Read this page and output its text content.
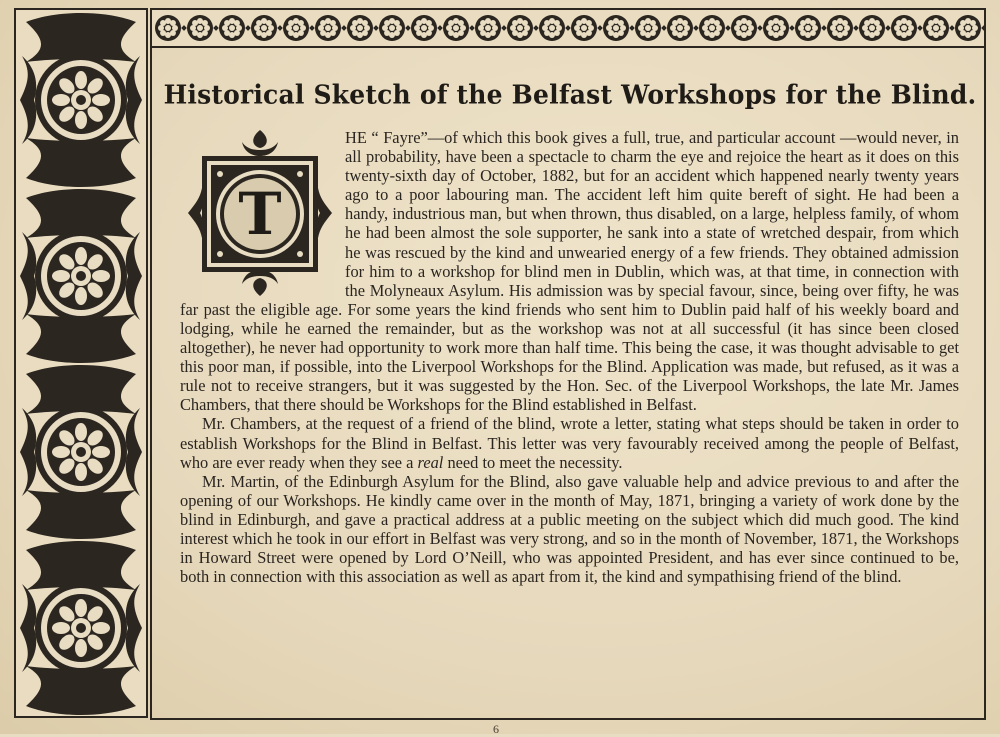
Historical Sketch of the Belfast Workshops for the Blind.
T

HE “ Fayre”—of which this book gives a full, true, and particular account —would never, in all probability, have been a spectacle to charm the eye and rejoice the heart as it does on this twenty-sixth day of October, 1882, but for an accident which happened nearly twenty years ago to a poor labouring man. The accident left him quite bereft of sight. He had been a handy, industrious man, but when thrown, thus disabled, on a large, helpless family, of whom he had been almost the sole supporter, he sank into a state of wretched despair, from which he was rescued by the kind and unwearied energy of a few friends. They obtained admission for him to a workshop for blind men in Dublin, which was, at that time, in connection with the Molyneaux Asylum. His admission was by special favour, since, being over fifty, he was far past the eligible age. For some years the kind friends who sent him to Dublin paid half of his weekly board and lodging, while he earned the remainder, but as the workshop was not at all successful (it has since been closed altogether), he never had opportunity to work more than half time. This being the case, it was thought advisable to get this poor man, if possible, into the Liverpool Workshops for the Blind. Application was made, but refused, as it was a rule not to receive strangers, but it was suggested by the Hon. Sec. of the Liverpool Workshops, the late Mr. James Chambers, that there should be Workshops for the Blind established in Belfast.

Mr. Chambers, at the request of a friend of the blind, wrote a letter, stating what steps should be taken in order to establish Workshops for the Blind in Belfast. This letter was very favourably received among the people of Belfast, who are ever ready when they see a real need to meet the necessity.

Mr. Martin, of the Edinburgh Asylum for the Blind, also gave valuable help and advice previous to and after the opening of our Workshops. He kindly came over in the month of May, 1871, bringing a variety of work done by the blind in Edinburgh, and gave a practical address at a public meeting on the subject which did much good. The kind interest which he took in our effort in Belfast was very strong, and so in the month of November, 1871, the Workshops in Howard Street were opened by Lord O’Neill, who was appointed President, and has ever since continued to be, both in connection with this association as well as apart from it, the kind and sympathising friend of the blind.

6
